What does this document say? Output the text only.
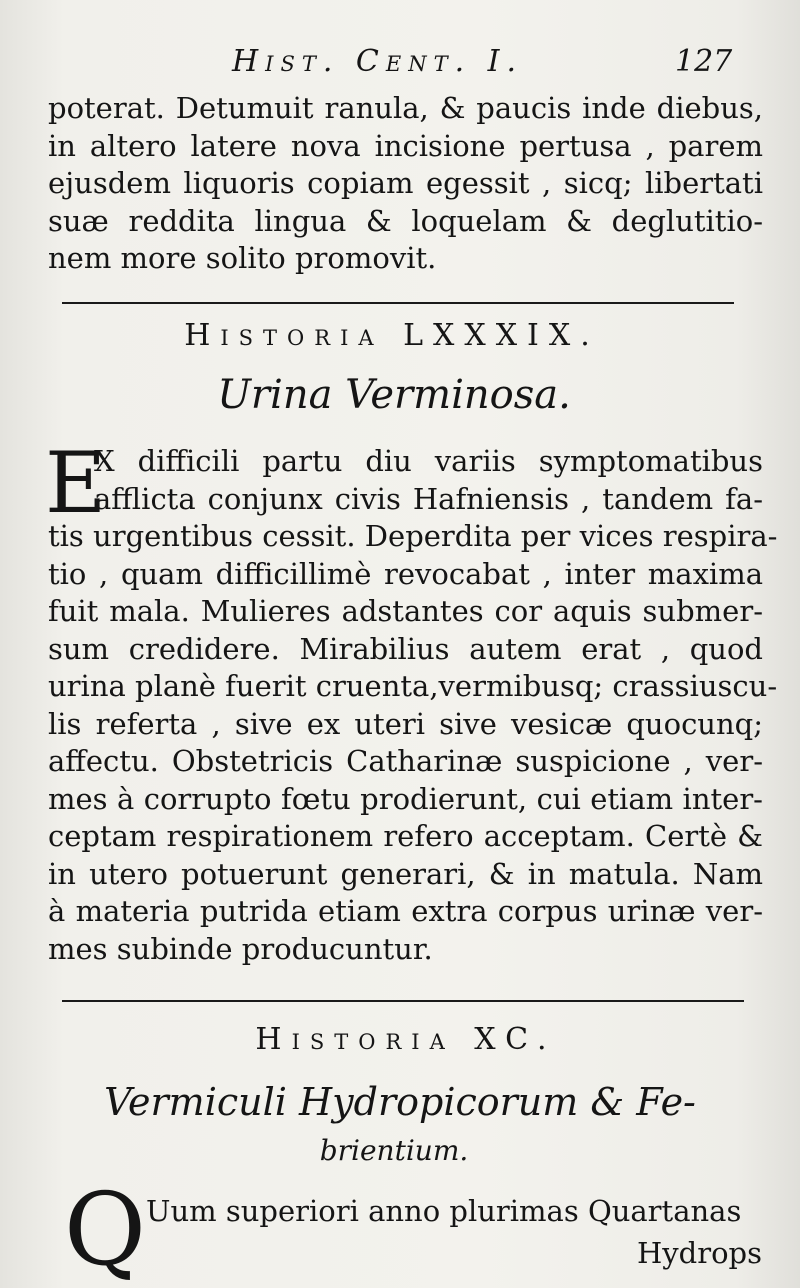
Hist. Cent. I.	127

poterat. Detumuit ranula, & paucis inde diebus,

in altero latere nova incisione pertusa , parem

ejusdem liquoris copiam egessit , sicq; libertati

suæ reddita lingua & loquelam & deglutitio-

nem more solito promovit.

Historia LXXXIX.
Urina Verminosa.
E

X difficili partu diu variis symptomatibus

afflicta conjunx civis Hafniensis , tandem fa-

tis urgentibus cessit. Deperdita per vices respira-

tio , quam difficillimè revocabat , inter maxima

fuit mala. Mulieres adstantes cor aquis submer-

sum credidere. Mirabilius autem erat , quod

urina planè fuerit cruenta,vermibusq; crassiuscu-

lis referta , sive ex uteri sive vesicæ quocunq;

affectu. Obstetricis Catharinæ suspicione , ver-

mes à corrupto fœtu prodierunt, cui etiam inter-

ceptam respirationem refero acceptam. Certè &

in utero potuerunt generari, & in matula. Nam

à materia putrida etiam extra corpus urinæ ver-

mes subinde producuntur.

Historia XC.
Vermiculi Hydropicorum & Fe-
brientium.
Q Uum superiori anno plurimas Quartanas

Hydrops
